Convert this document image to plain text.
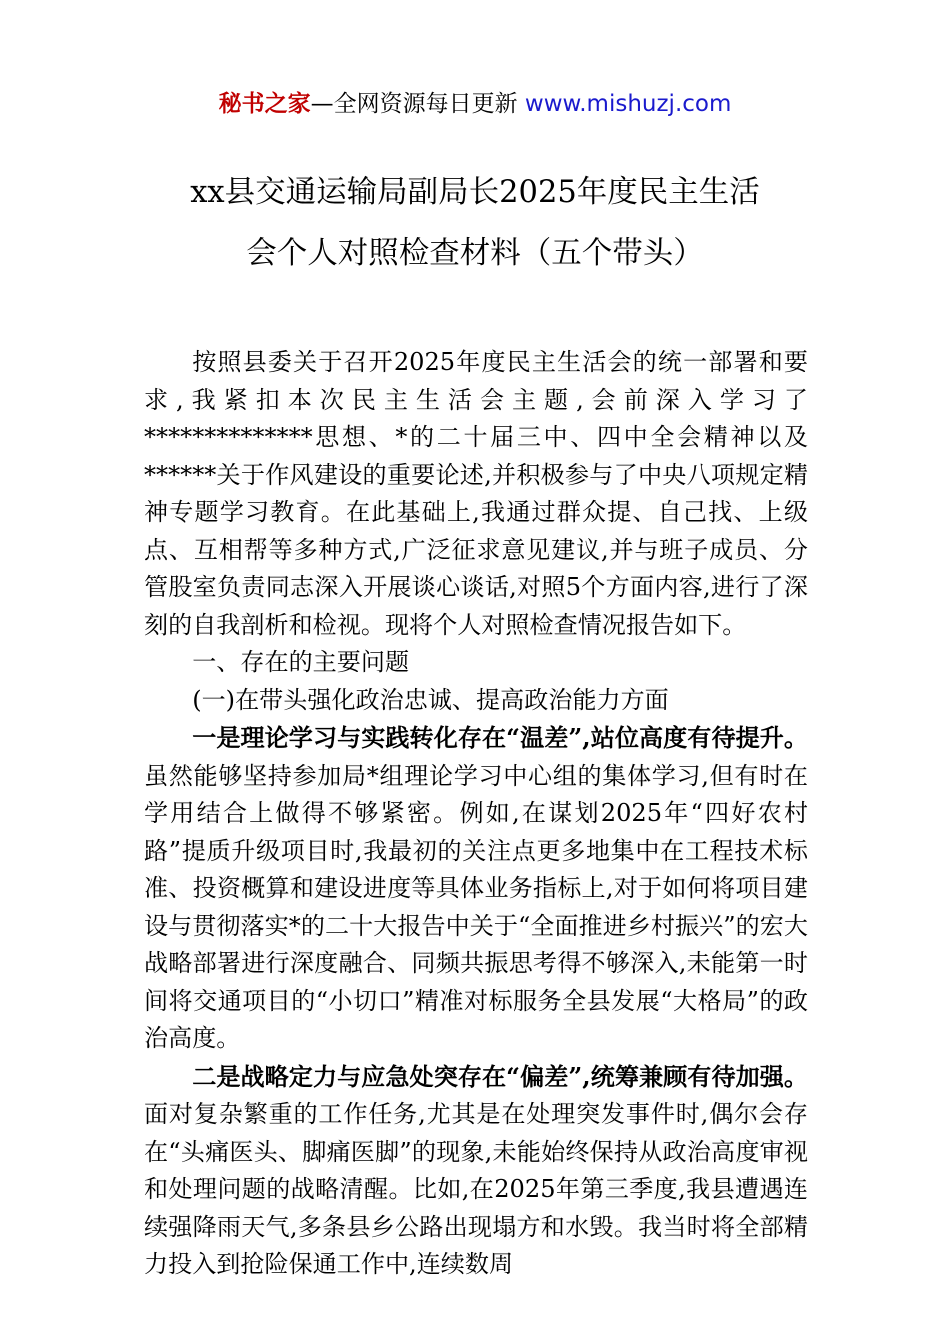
秘书之家—全网资源每日更新 www.mishuzj.com
xx县交通运输局副局长2025年度民主生活
会个人对照检查材料（五个带头）

按照县委关于召开2025年度民主生活会的统一部署和要求,我紧扣本次民主生活会主题,会前深入学习了**************思想、*的二十届三中、四中全会精神以及******关于作风建设的重要论述,并积极参与了中央八项规定精神专题学习教育。在此基础上,我通过群众提、自己找、上级点、互相帮等多种方式,广泛征求意见建议,并与班子成员、分管股室负责同志深入开展谈心谈话,对照5个方面内容,进行了深刻的自我剖析和检视。现将个人对照检查情况报告如下。

一、存在的主要问题

(一)在带头强化政治忠诚、提高政治能力方面

一是理论学习与实践转化存在“温差”,站位高度有待提升。虽然能够坚持参加局*组理论学习中心组的集体学习,但有时在学用结合上做得不够紧密。例如,在谋划2025年“四好农村路”提质升级项目时,我最初的关注点更多地集中在工程技术标准、投资概算和建设进度等具体业务指标上,对于如何将项目建设与贯彻落实*的二十大报告中关于“全面推进乡村振兴”的宏大战略部署进行深度融合、同频共振思考得不够深入,未能第一时间将交通项目的“小切口”精准对标服务全县发展“大格局”的政治高度。

二是战略定力与应急处突存在“偏差”,统筹兼顾有待加强。面对复杂繁重的工作任务,尤其是在处理突发事件时,偶尔会存在“头痛医头、脚痛医脚”的现象,未能始终保持从政治高度审视和处理问题的战略清醒。比如,在2025年第三季度,我县遭遇连续强降雨天气,多条县乡公路出现塌方和水毁。我当时将全部精力投入到抢险保通工作中,连续数周
